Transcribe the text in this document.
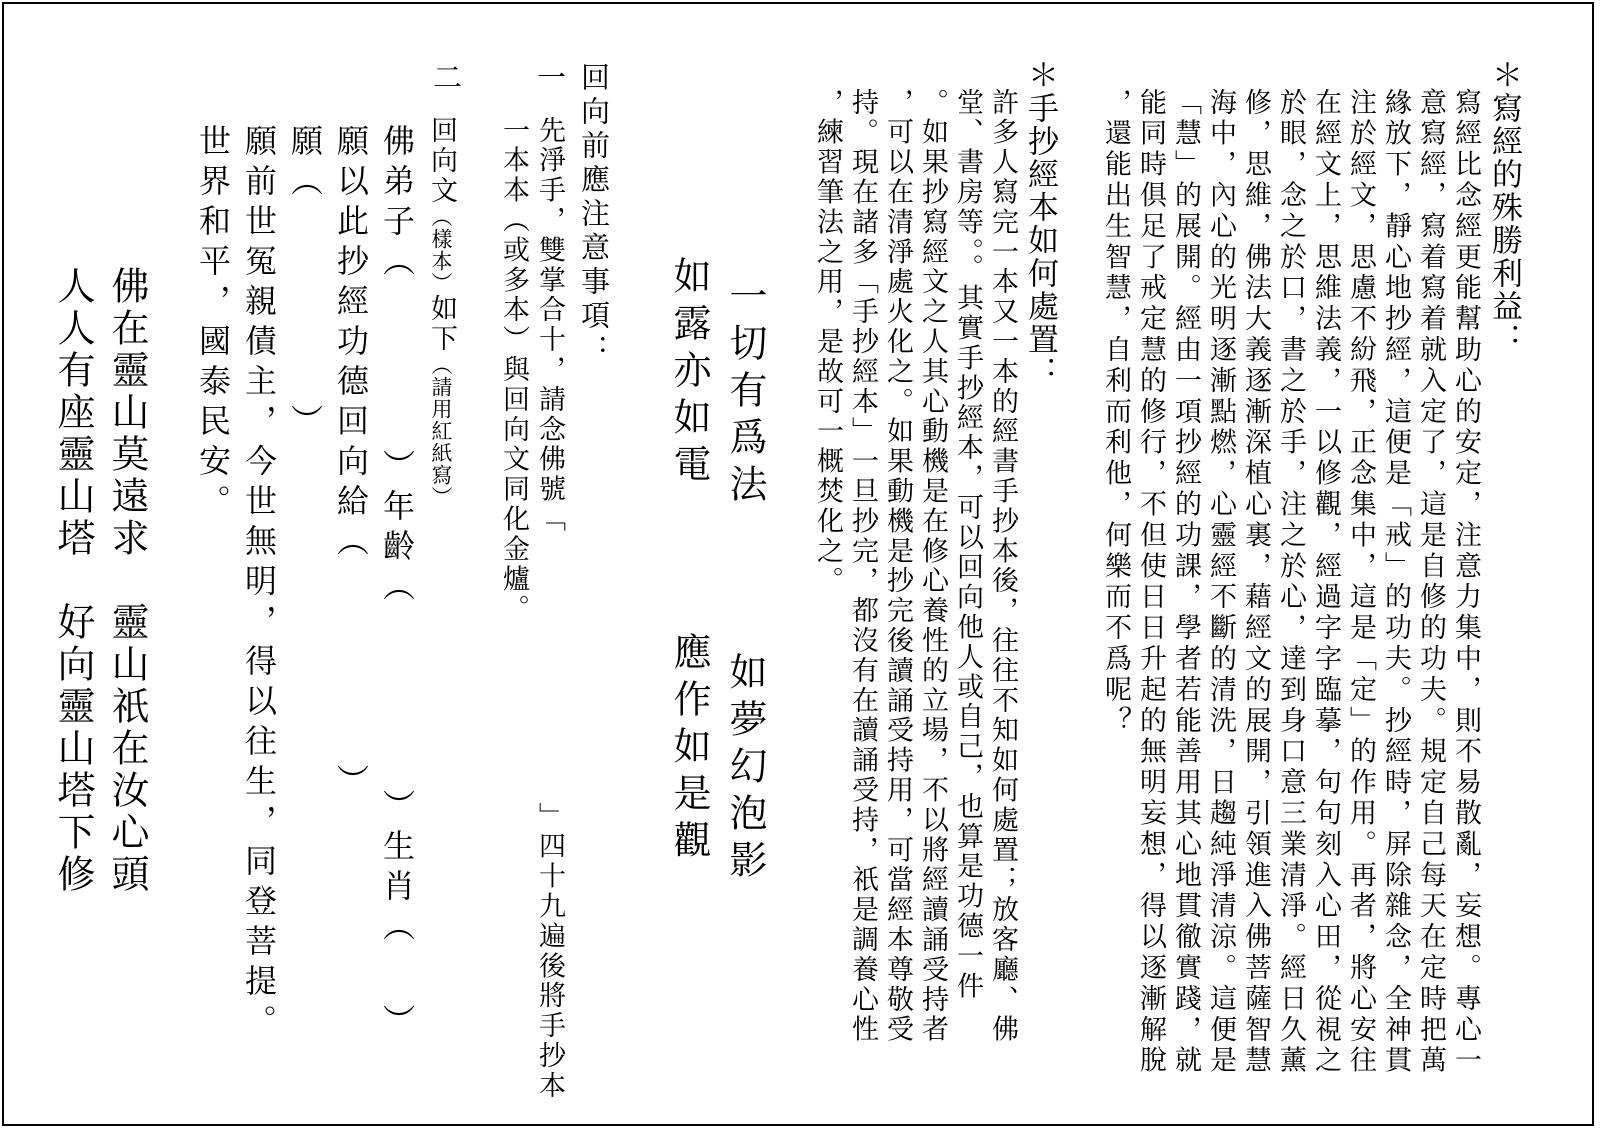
＊寫經的殊勝利益：

寫經比念經更能幫助心的安定，注意力集中，則不易散亂，妄想。專心一

意寫經，寫着寫着就入定了，這是自修的功夫。規定自己每天在定時把萬

緣放下，靜心地抄經，這便是「戒」的功夫。抄經時，屏除雜念，全神貫

注於經文，思慮不紛飛，正念集中，這是「定」的作用。再者，將心安往

在經文上，思維法義，一以修觀，經過字字臨摹，句句刻入心田，從視之

於眼，念之於口，書之於手，注之於心，達到身口意三業清淨。經日久薰

修，思維，佛法大義逐漸深植心裏，藉經文的展開，引領進入佛菩薩智慧

海中，內心的光明逐漸點燃，心靈經不斷的清洗，日趨純淨清涼。這便是

「慧」的展開。經由一項抄經的功課，學者若能善用其心地貫徹實踐，就

能同時俱足了戒定慧的修行，不但使日日升起的無明妄想，得以逐漸解脫

，還能出生智慧，自利而利他，何樂而不爲呢？

＊手抄經本如何處置：

許多人寫完一本又一本的經書手抄本後，往往不知如何處置；放客廳、佛

堂、書房等。。其實手抄經本，可以回向他人或自己，也算是功德一件

。如果抄寫經文之人其心動機是在修心養性的立場，不以將經讀誦受持者

，可以在清淨處火化之。如果動機是抄完後讀誦受持用，可當經本尊敬受

持。現在諸多「手抄經本」一旦抄完，都沒有在讀誦受持，祇是調養心性

，練習筆法之用，是故可一概焚化之。

一切有爲法　　　如夢幻泡影

如露亦如電　　　應作如是觀

回向前應注意事項：

一

先淨手，雙掌合十，請念佛號「

」四十九遍後將手抄本

一本本（或多本）與回向文同化金爐。

二

回向文（樣本）如下（請用紅紙寫）

佛弟子（）年齡（）生肖（）

願以此抄經功德回向給（）

願（）

願前世冤親債主，今世無明，得以往生，同登菩提。

世界和平，國泰民安。

佛在靈山莫遠求　靈山祇在汝心頭

人人有座靈山塔　好向靈山塔下修
